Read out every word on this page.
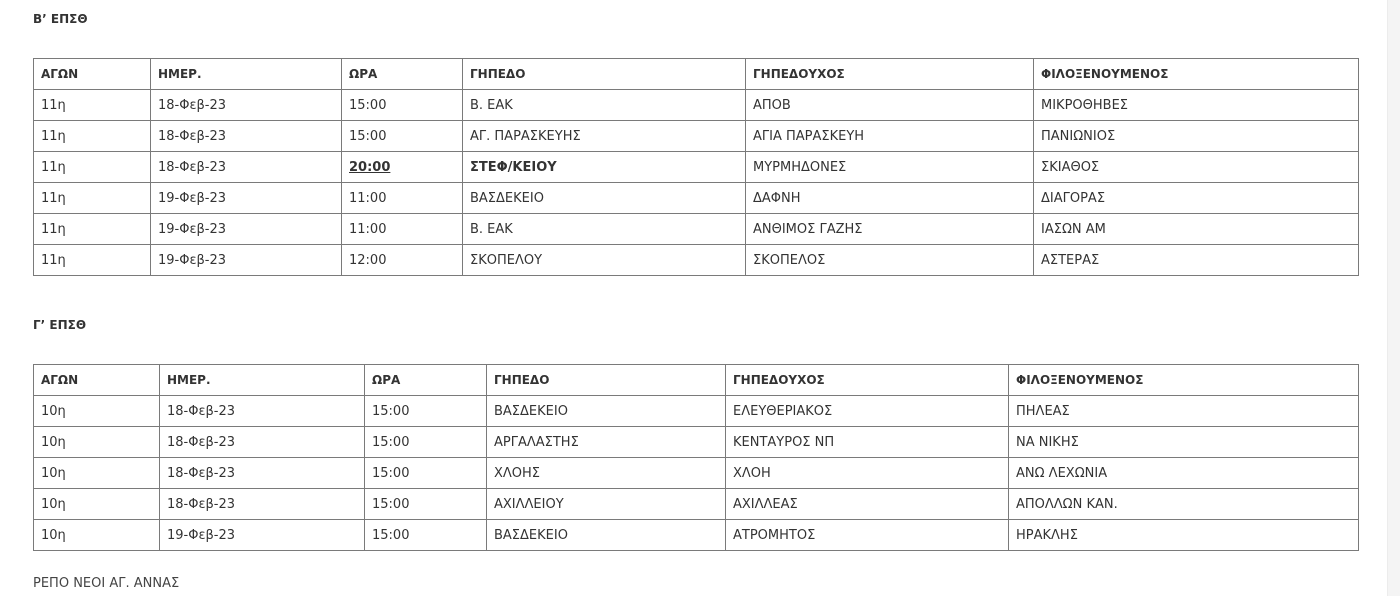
Β’ ΕΠΣΘ

ΑΓΩΝ	ΗΜΕΡ.	ΩΡΑ	ΓΗΠΕΔΟ	ΓΗΠΕΔΟΥΧΟΣ	ΦΙΛΟΞΕΝΟΥΜΕΝΟΣ
11η	18-Φεβ-23	15:00	Β. ΕΑΚ	ΑΠΟΒ	ΜΙΚΡΟΘΗΒΕΣ
11η	18-Φεβ-23	15:00	ΑΓ. ΠΑΡΑΣΚΕΥΗΣ	ΑΓΙΑ ΠΑΡΑΣΚΕΥΗ	ΠΑΝΙΩΝΙΟΣ
11η	18-Φεβ-23	20:00	ΣΤΕΦ/ΚΕΙΟΥ	ΜΥΡΜΗΔΟΝΕΣ	ΣΚΙΑΘΟΣ
11η	19-Φεβ-23	11:00	ΒΑΣΔΕΚΕΙΟ	ΔΑΦΝΗ	ΔΙΑΓΟΡΑΣ
11η	19-Φεβ-23	11:00	Β. ΕΑΚ	ΑΝΘΙΜΟΣ ΓΑΖΗΣ	ΙΑΣΩΝ ΑΜ
11η	19-Φεβ-23	12:00	ΣΚΟΠΕΛΟΥ	ΣΚΟΠΕΛΟΣ	ΑΣΤΕΡΑΣ

Γ’ ΕΠΣΘ

ΑΓΩΝ	ΗΜΕΡ.	ΩΡΑ	ΓΗΠΕΔΟ	ΓΗΠΕΔΟΥΧΟΣ	ΦΙΛΟΞΕΝΟΥΜΕΝΟΣ
10η	18-Φεβ-23	15:00	ΒΑΣΔΕΚΕΙΟ	ΕΛΕΥΘΕΡΙΑΚΟΣ	ΠΗΛΕΑΣ
10η	18-Φεβ-23	15:00	ΑΡΓΑΛΑΣΤΗΣ	ΚΕΝΤΑΥΡΟΣ ΝΠ	ΝΑ ΝΙΚΗΣ
10η	18-Φεβ-23	15:00	ΧΛΟΗΣ	ΧΛΟΗ	ΑΝΩ ΛΕΧΩΝΙΑ
10η	18-Φεβ-23	15:00	ΑΧΙΛΛΕΙΟΥ	ΑΧΙΛΛΕΑΣ	ΑΠΟΛΛΩΝ ΚΑΝ.
10η	19-Φεβ-23	15:00	ΒΑΣΔΕΚΕΙΟ	ΑΤΡΟΜΗΤΟΣ	ΗΡΑΚΛΗΣ

ΡΕΠΟ ΝΕΟΙ ΑΓ. ΑΝΝΑΣ
